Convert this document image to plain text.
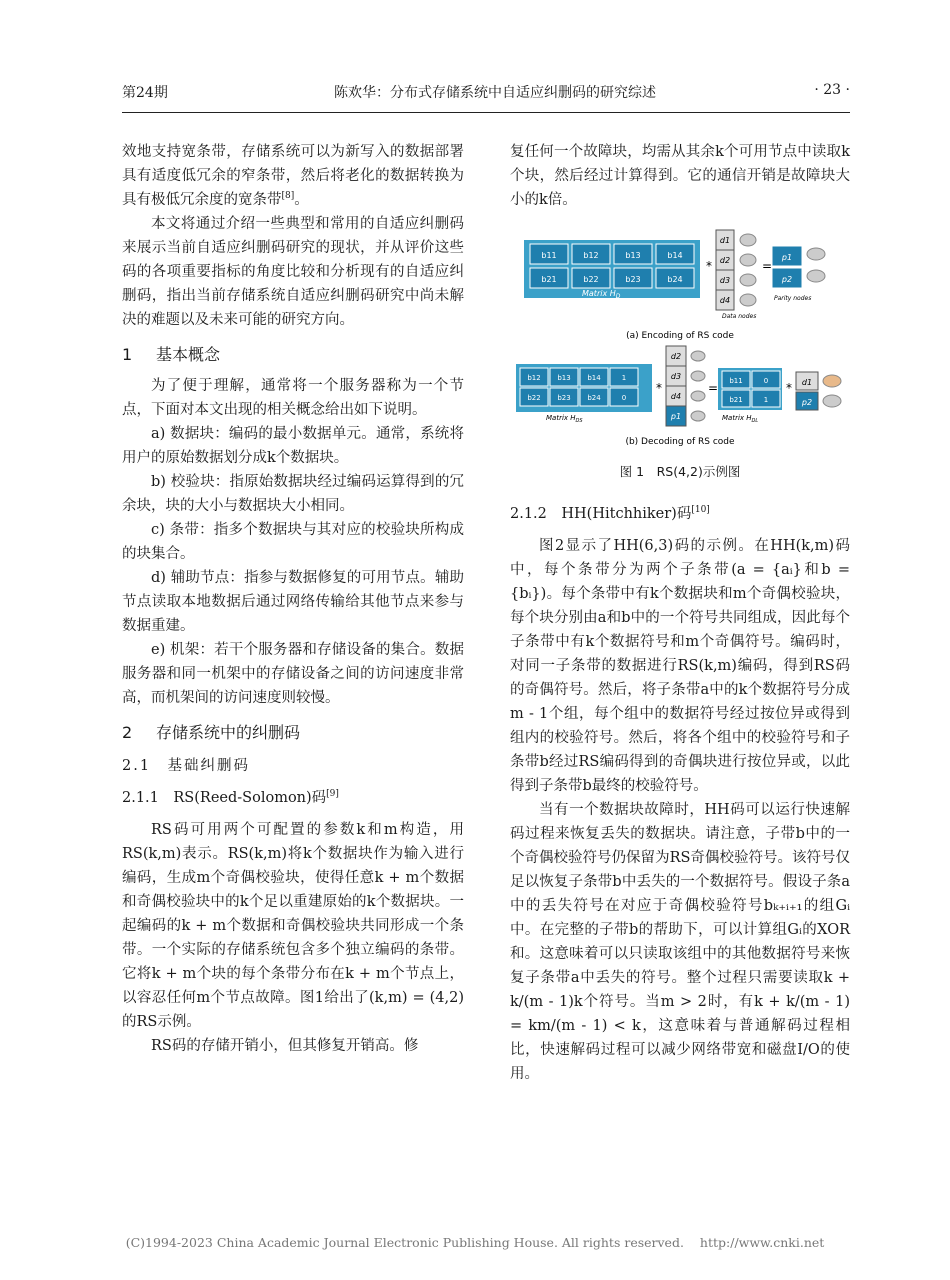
第24期	陈欢华：分布式存储系统中自适应纠删码的研究综述	· 23 ·

效地支持宽条带，存储系统可以为新写入的数据部署具有适度低冗余的窄条带，然后将老化的数据转换为具有极低冗余度的宽条带[8]。

本文将通过介绍一些典型和常用的自适应纠删码来展示当前自适应纠删码研究的现状，并从评价这些码的各项重要指标的角度比较和分析现有的自适应纠删码，指出当前存储系统自适应纠删码研究中尚未解决的难题以及未来可能的研究方向。

1 基本概念

为了便于理解，通常将一个服务器称为一个节点，下面对本文出现的相关概念给出如下说明。

a) 数据块：编码的最小数据单元。通常，系统将用户的原始数据划分成k个数据块。

b) 校验块：指原始数据块经过编码运算得到的冗余块，块的大小与数据块大小相同。

c) 条带：指多个数据块与其对应的校验块所构成的块集合。

d) 辅助节点：指参与数据修复的可用节点。辅助节点读取本地数据后通过网络传输给其他节点来参与数据重建。

e) 机架：若干个服务器和存储设备的集合。数据服务器和同一机架中的存储设备之间的访问速度非常高，而机架间的访问速度则较慢。

2 存储系统中的纠删码
2.1　基础纠删码
2.1.1　RS(Reed-Solomon)码[9]

RS码可用两个可配置的参数k和m构造，用RS(k,m)表示。RS(k,m)将k个数据块作为输入进行编码，生成m个奇偶校验块，使得任意k + m个数据和奇偶校验块中的k个足以重建原始的k个数据块。一起编码的k + m个数据和奇偶校验块共同形成一个条带。一个实际的存储系统包含多个独立编码的条带。它将k + m个块的每个条带分布在k + m个节点上，以容忍任何m个节点故障。图1给出了(k,m) = (4,2)的RS示例。

RS码的存储开销小，但其修复开销高。修

复任何一个故障块，均需从其余k个可用节点中读取k个块，然后经过计算得到。它的通信开销是故障块大小的k倍。

b11	b12	b13	b14
b21	b22	b23	b24
Matrix $H_D$
*
d1
d2
d3
d4
Data nodes
=
p1
p2
Parity nodes
(a) Encoding of RS code
b12 b13 b14	1
b22 b23 b24	0
Matrix $H_{DS}$
*
d2
d3
d4
p1
= b11	0
b21	1
Matrix $H_{DL}$
* d1
p2
(b) Decoding of RS code
图 1　RS(4,2)示例图
2.1.2　HH(Hitchhiker)码[10]

图2显示了HH(6,3)码的示例。在HH(k,m)码中，每个条带分为两个子条带(a = {aᵢ}和b = {bᵢ})。每个条带中有k个数据块和m个奇偶校验块，每个块分别由a和b中的一个符号共同组成，因此每个子条带中有k个数据符号和m个奇偶符号。编码时，对同一子条带的数据进行RS(k,m)编码，得到RS码的奇偶符号。然后，将子条带a中的k个数据符号分成m - 1个组，每个组中的数据符号经过按位异或得到组内的校验符号。然后，将各个组中的校验符号和子条带b经过RS编码得到的奇偶块进行按位异或，以此得到子条带b最终的校验符号。

当有一个数据块故障时，HH码可以运行快速解码过程来恢复丢失的数据块。请注意，子带b中的一个奇偶校验符号仍保留为RS奇偶校验符号。该符号仅足以恢复子条带b中丢失的一个数据符号。假设子条a中的丢失符号在对应于奇偶校验符号bₖ₊ᵢ₊₁的组Gᵢ中。在完整的子带b的帮助下，可以计算组Gᵢ的XOR和。这意味着可以只读取该组中的其他数据符号来恢复子条带a中丢失的符号。整个过程只需要读取k + k/(m - 1)k个符号。当m > 2时，有k + k/(m - 1) = km/(m - 1) < k，这意味着与普通解码过程相比，快速解码过程可以减少网络带宽和磁盘I/O的使用。

(C)1994-2023 China Academic Journal Electronic Publishing House. All rights reserved. http://www.cnki.net
